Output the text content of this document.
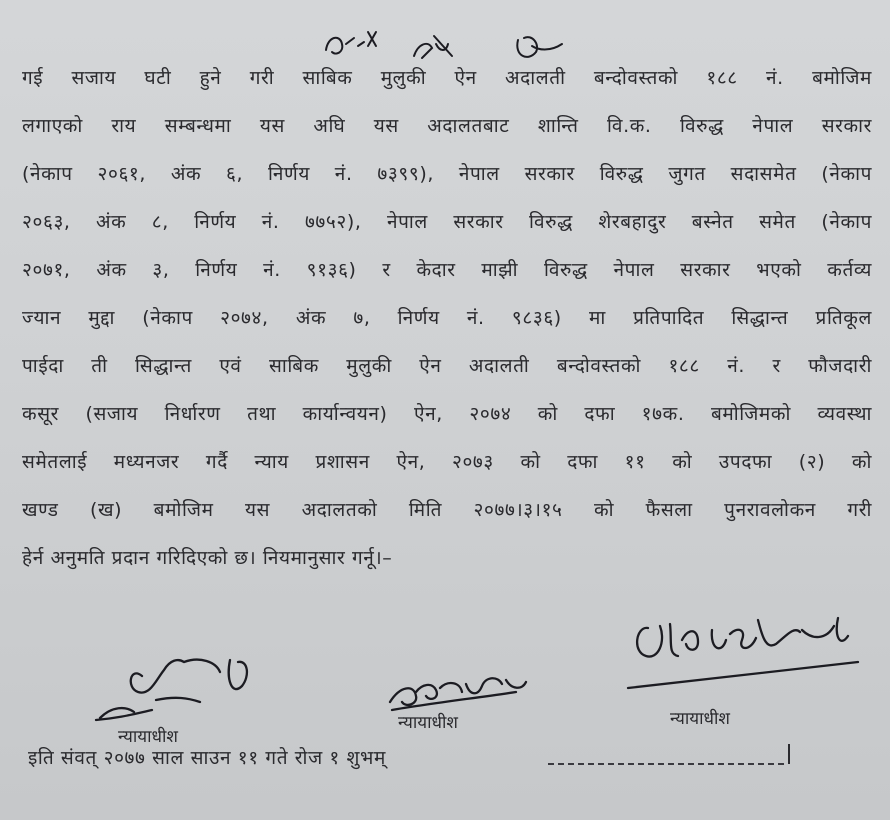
गई सजाय घटी हुने गरी साबिक मुलुकी ऐन अदालती बन्दोवस्तको १८८ नं. बमोजिम
लगाएको राय सम्बन्धमा यस अघि यस अदालतबाट शान्ति वि.क. विरुद्ध नेपाल सरकार
(नेकाप २०६१, अंक ६, निर्णय नं. ७३९९), नेपाल सरकार विरुद्ध जुगत सदासमेत (नेकाप
२०६३, अंक ८, निर्णय नं. ७७५२), नेपाल सरकार विरुद्ध शेरबहादुर बस्नेत समेत (नेकाप
२०७१, अंक ३, निर्णय नं. ९१३६) र केदार माझी विरुद्ध नेपाल सरकार भएको कर्तव्य
ज्यान मुद्दा (नेकाप २०७४, अंक ७, निर्णय नं. ९८३६) मा प्रतिपादित सिद्धान्त प्रतिकूल
पाईदा ती सिद्धान्त एवं साबिक मुलुकी ऐन अदालती बन्दोवस्तको १८८ नं. र फौजदारी
कसूर (सजाय निर्धारण तथा कार्यान्वयन) ऐन, २०७४ को दफा १७क. बमोजिमको व्यवस्था
समेतलाई मध्यनजर गर्दै न्याय प्रशासन ऐन, २०७३ को दफा ११ को उपदफा (२) को
खण्ड (ख) बमोजिम यस अदालतको मिति २०७७।३।१५ को फैसला पुनरावलोकन गरी
हेर्न अनुमति प्रदान गरिदिएको छ। नियमानुसार गर्नू।–
न्यायाधीश
न्यायाधीश	न्यायाधीश
इति संवत् २०७७ साल साउन ११ गते रोज १ शुभम्
